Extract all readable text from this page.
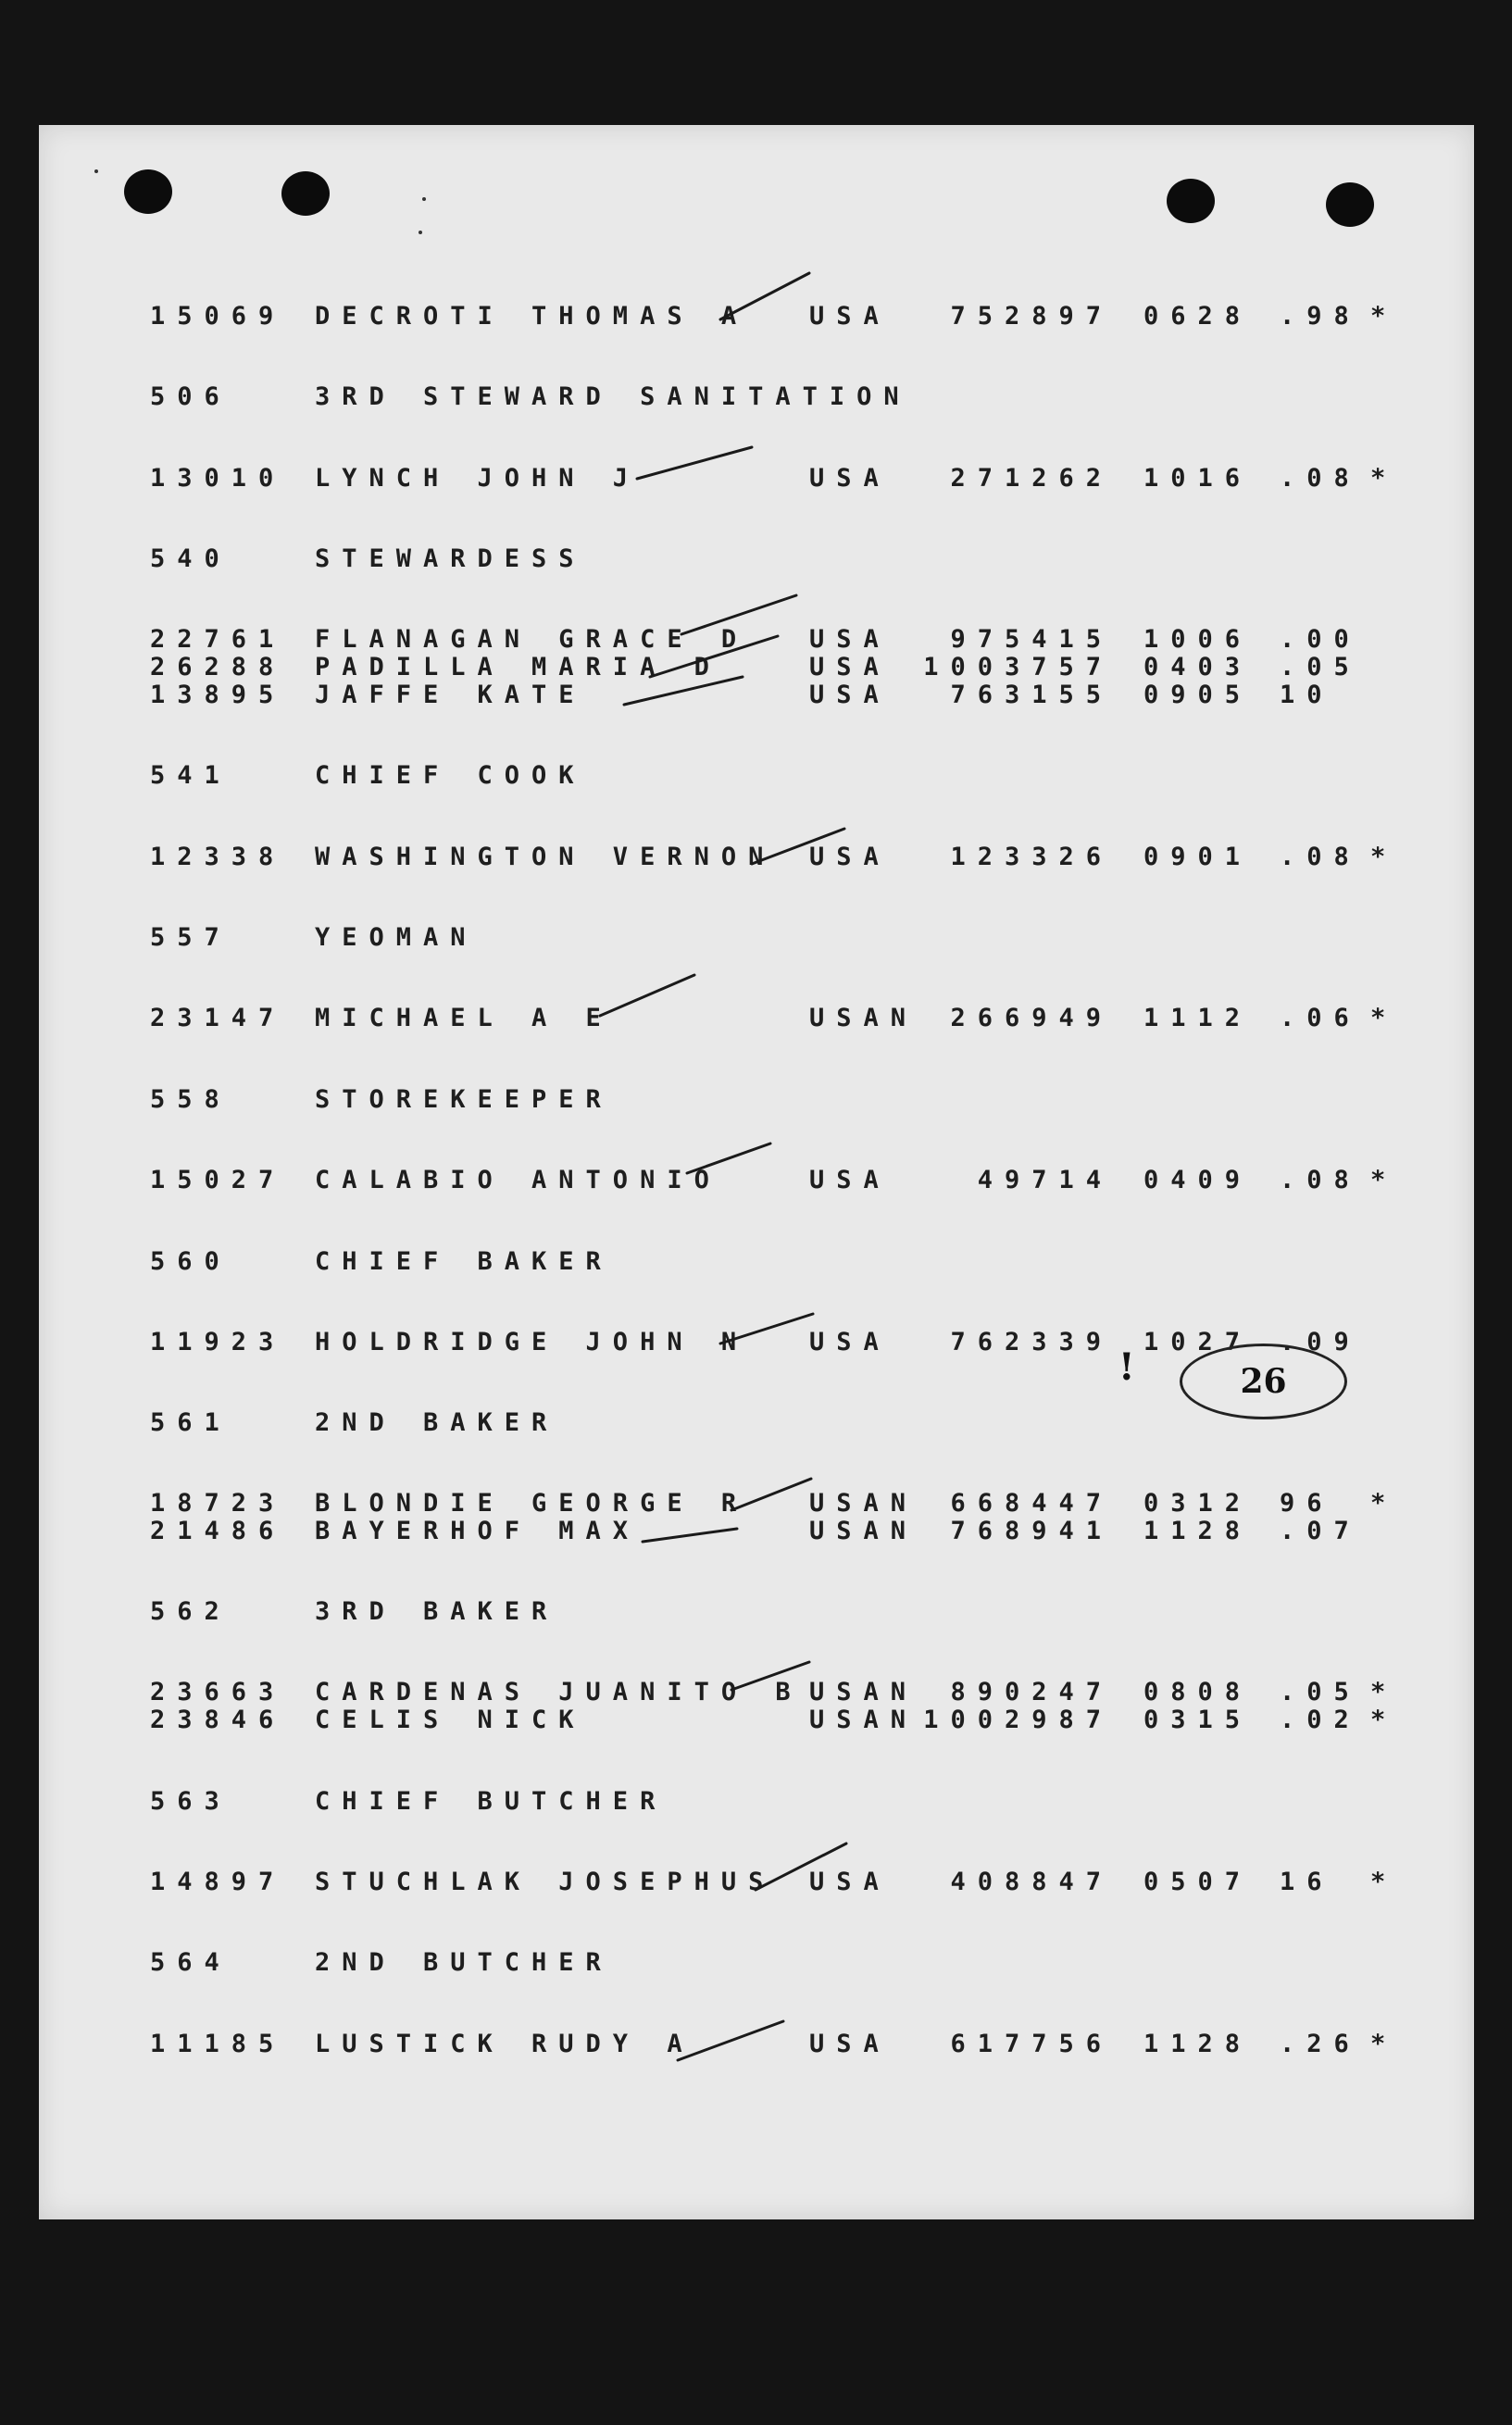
15069 DECROTI THOMAS A USA	752897 0628 .98 *
506	3RD STEWARD SANITATION
13010 LYNCH JOHN J	USA	271262 1016 .08 *
540	STEWARDESS
22761 FLANAGAN GRACE D USA	975415 1006 .00
26288 PADILLA MARIA D	USA	1003757 0403 .05
13895 JAFFE KATE	USA	763155 0905 10
541	CHIEF COOK
12338 WASHINGTON VERNON USA	123326 0901 .08 *
557	YEOMAN
23147 MICHAEL A E	USAN	266949 1112 .06 *
558	STOREKEEPER
15027 CALABIO ANTONIO	USA	49714 0409 .08 *
560	CHIEF BAKER
11923 HOLDRIDGE JOHN N USA	762339 1027 .09
561	2ND BAKER
18723 BLONDIE GEORGE R USAN	668447 0312 96 *
21486 BAYERHOF MAX	USAN	768941 1128 .07
562	3RD BAKER
23663 CARDENAS JUANITO B USAN	890247 0808 .05 *
23846 CELIS NICK	USAN 1002987 0315 .02 *
563	CHIEF BUTCHER
14897 STUCHLAK JOSEPHUS USA	408847 0507 16 *
564	2ND BUTCHER
11185 LUSTICK RUDY A	USA	617756 1128 .26 *
!	26
